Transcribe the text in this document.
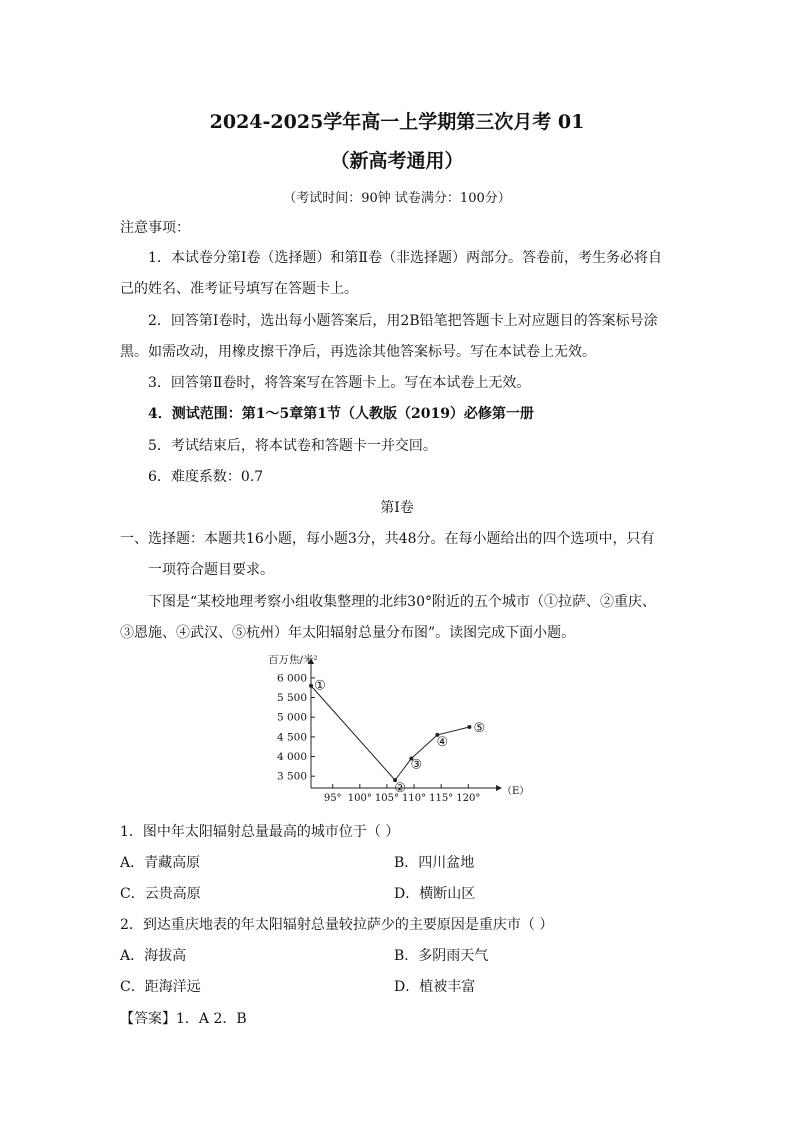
2024-2025学年高一上学期第三次月考 01
（新高考通用）
（考试时间：90钟 试卷满分：100分）
注意事项：
1．本试卷分第Ⅰ卷（选择题）和第Ⅱ卷（非选择题）两部分。答卷前，考生务必将自
己的姓名、准考证号填写在答题卡上。
2．回答第Ⅰ卷时，选出每小题答案后，用2B铅笔把答题卡上对应题目的答案标号涂
黑。如需改动，用橡皮擦干净后，再选涂其他答案标号。写在本试卷上无效。
3．回答第Ⅱ卷时，将答案写在答题卡上。写在本试卷上无效。
4．测试范围：第1～5章第1节（人教版（2019）必修第一册
5．考试结束后，将本试卷和答题卡一并交回。
6．难度系数：0.7
第Ⅰ卷
一、选择题：本题共16小题，每小题3分，共48分。在每小题给出的四个选项中，只有
一项符合题目要求。
下图是“某校地理考察小组收集整理的北纬30°附近的五个城市（①拉萨、②重庆、
③恩施、④武汉、⑤杭州）年太阳辐射总量分布图”。读图完成下面小题。
百万焦/米²
3 500
4 000
4 500
5 000
5 500
6 000
95° 100° 105° 110° 115° 120°
（E）
①
②
③
④
⑤
1．图中年太阳辐射总量最高的城市位于（ ）
A．青藏高原	B．四川盆地
C．云贵高原	D．横断山区
2．到达重庆地表的年太阳辐射总量较拉萨少的主要原因是重庆市（ ）
A．海拔高	B．多阴雨天气
C．距海洋远	D．植被丰富
【答案】1．A 2．B
